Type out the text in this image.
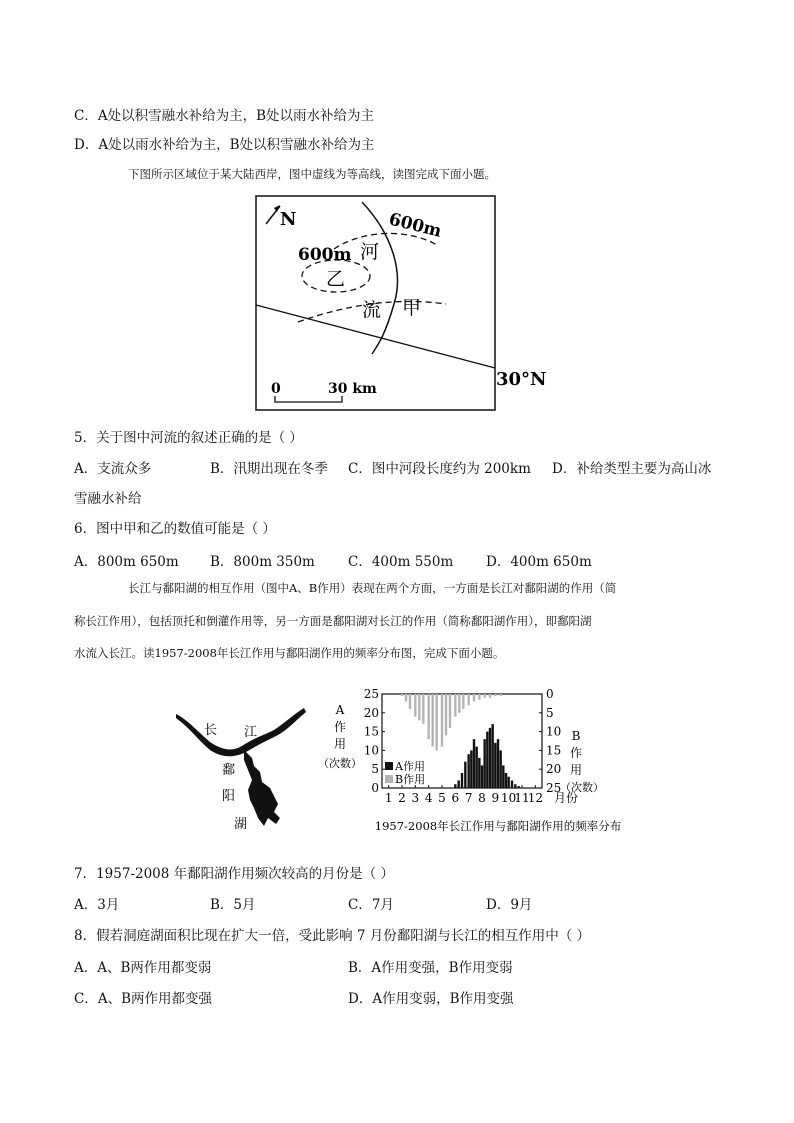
C．A处以积雪融水补给为主，B处以雨水补给为主
D．A处以雨水补给为主，B处以积雪融水补给为主
下图所示区域位于某大陆西岸，图中虚线为等高线，读图完成下面小题。
N	600m
600m 河
乙
流 甲
30°N
0	30 km
5．关于图中河流的叙述正确的是（ ）
A．支流众多	B．汛期出现在冬季 C．图中河段长度约为 200km D．补给类型主要为高山冰
雪融水补给
6．图中甲和乙的数值可能是（ ）
A．800m 650m B．800m 350m C．400m 550m D．400m 650m
长江与鄱阳湖的相互作用（图中A、B作用）表现在两个方面，一方面是长江对鄱阳湖的作用（简
称长江作用），包括顶托和倒灌作用等，另一方面是鄱阳湖对长江的作用（简称鄱阳湖作用），即鄱阳湖
水流入长江。读1957-2008年长江作用与鄱阳湖作用的频率分布图，完成下面小题。
长 江
鄱
阳
湖
0
5
10
15
20
25	0
5
10
15
20
25
1 2 3 4 5 6 7 8 9 10
11
12 月份
A
作
用
（次数）
B
作
用
（次数）
A作用
B作用
1957-2008年长江作用与鄱阳湖作用的频率分布
7．1957-2008 年鄱阳湖作用频次较高的月份是（ ）
A．3月	B．5月	C．7月	D．9月
8．假若洞庭湖面积比现在扩大一倍，受此影响 7 月份鄱阳湖与长江的相互作用中（ ）
A．A、B两作用都变弱	B．A作用变强，B作用变弱
C．A、B两作用都变强	D．A作用变弱，B作用变强
